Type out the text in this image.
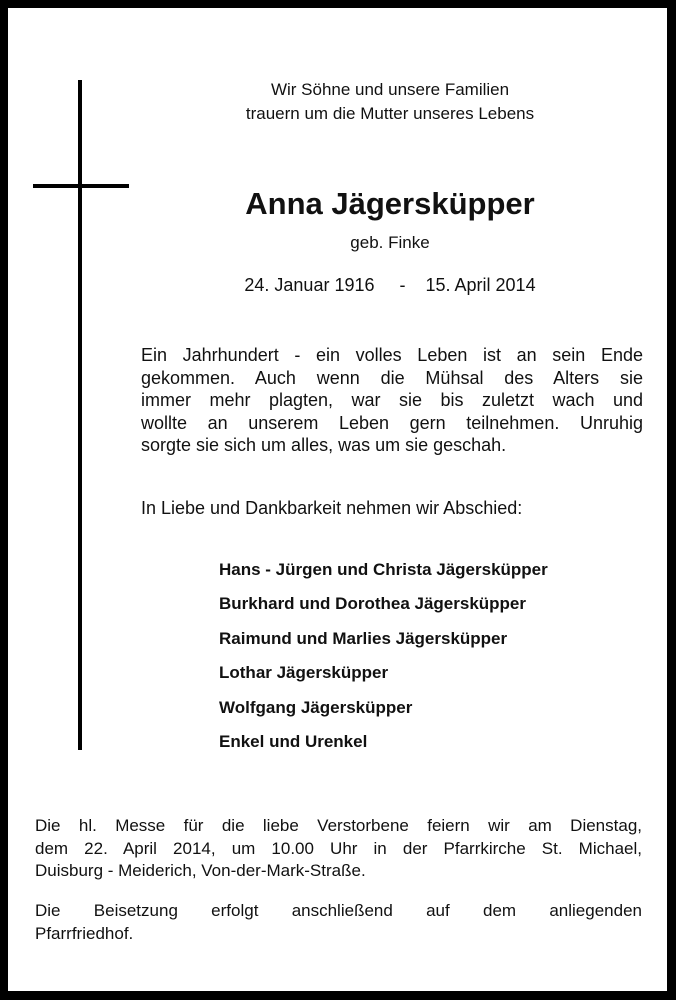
Wir Söhne und unsere Familien
trauern um die Mutter unseres Lebens
Anna Jägersküpper
geb. Finke
24. Januar 1916     -    15. April 2014
Ein Jahrhundert - ein volles Leben ist an sein Ende
gekommen. Auch wenn die Mühsal des Alters sie
immer mehr plagten, war sie bis zuletzt wach und
wollte an unserem Leben gern teilnehmen. Unruhig
sorgte sie sich um alles, was um sie geschah.
In Liebe und Dankbarkeit nehmen wir Abschied:
Hans - Jürgen und Christa Jägersküpper
Burkhard und Dorothea Jägersküpper
Raimund und Marlies Jägersküpper
Lothar Jägersküpper
Wolfgang Jägersküpper
Enkel und Urenkel
Die hl. Messe für die liebe Verstorbene feiern wir am Dienstag,
dem 22. April 2014, um 10.00 Uhr in der Pfarrkirche St. Michael,
Duisburg - Meiderich, Von-der-Mark-Straße.
Die Beisetzung erfolgt anschließend auf dem anliegenden
Pfarrfriedhof.
